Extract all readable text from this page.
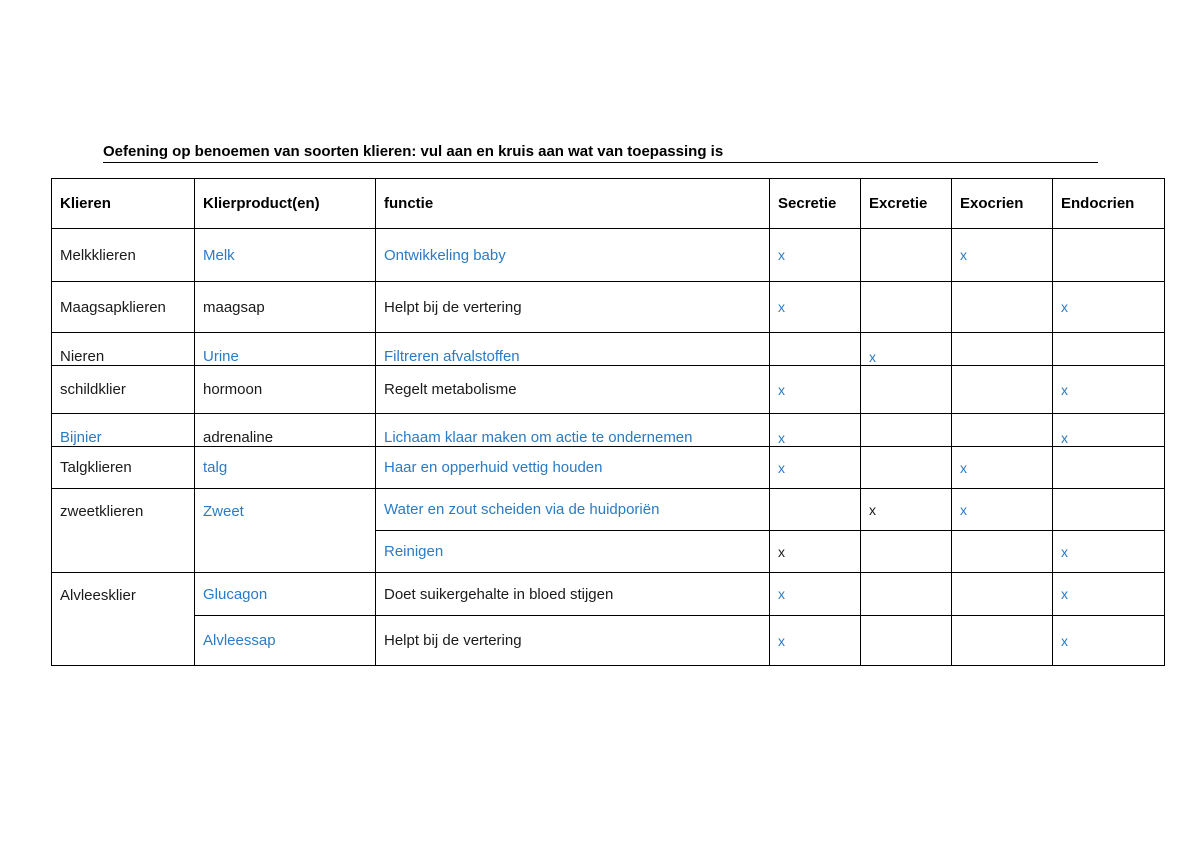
Oefening op benoemen van soorten klieren: vul aan en kruis aan wat van toepassing is
Klieren	Klierproduct(en)	functie	Secretie	Excretie	Exocrien	Endocrien
Melkklieren	Melk	Ontwikkeling baby	x		x	
Maagsapklieren	maagsap	Helpt bij de vertering	x			x
Nieren	Urine	Filtreren afvalstoffen		x		
schildklier	hormoon	Regelt metabolisme	x			x
Bijnier	adrenaline	Lichaam klaar maken om actie te ondernemen	x			x
Talgklieren	talg	Haar en opperhuid vettig houden	x		x	
zweetklieren	Zweet	Water en zout scheiden via de huidporiën		x	x	
		Reinigen	x			x
Alvleesklier	Glucagon	Doet suikergehalte in bloed stijgen	x			x
	Alvleessap	Helpt bij de vertering	x			x
